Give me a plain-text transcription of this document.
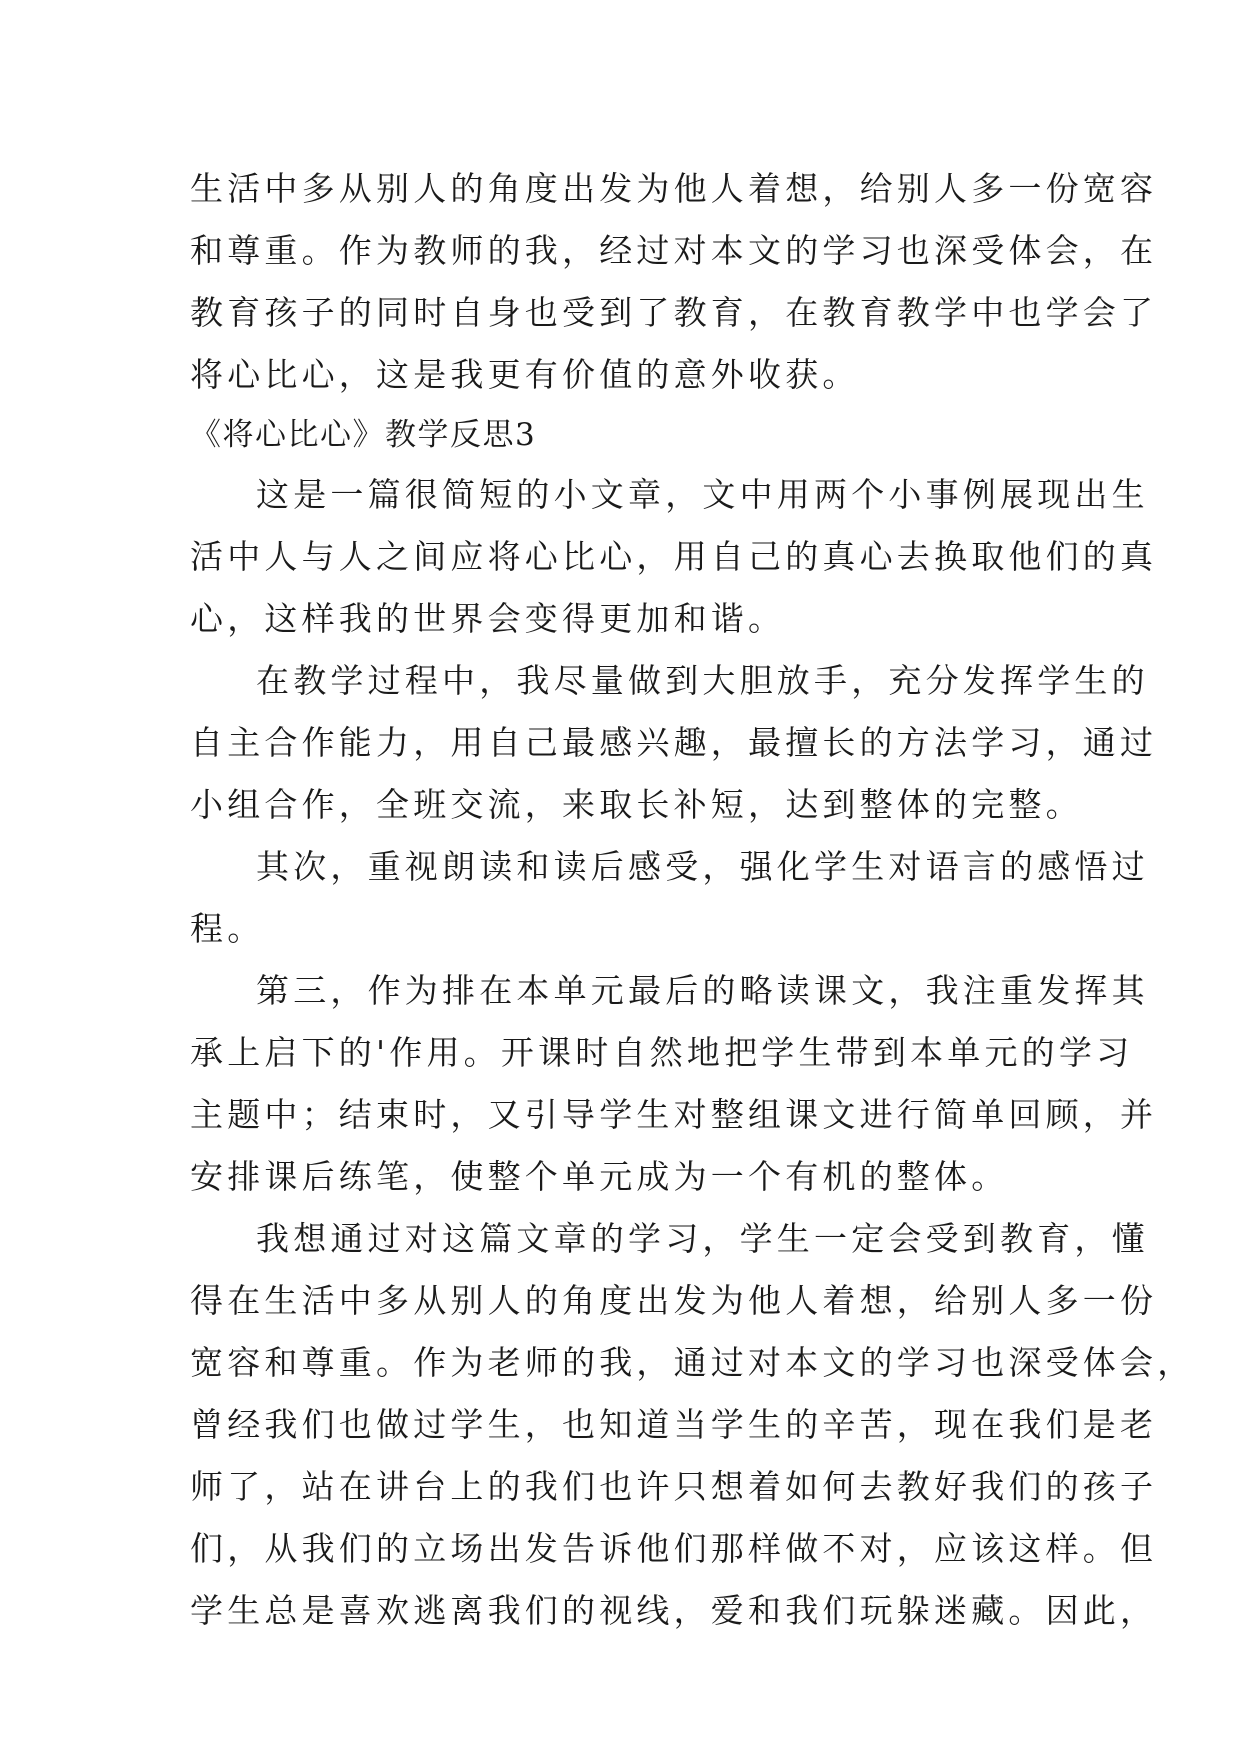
生活中多从别人的角度出发为他人着想，给别人多一份宽容
和尊重。作为教师的我，经过对本文的学习也深受体会，在
教育孩子的同时自身也受到了教育，在教育教学中也学会了
将心比心，这是我更有价值的意外收获。
《将心比心》教学反思3
这是一篇很简短的小文章，文中用两个小事例展现出生
活中人与人之间应将心比心，用自己的真心去换取他们的真
心，这样我的世界会变得更加和谐。
在教学过程中，我尽量做到大胆放手，充分发挥学生的
自主合作能力，用自己最感兴趣，最擅长的方法学习，通过
小组合作，全班交流，来取长补短，达到整体的完整。
其次，重视朗读和读后感受，强化学生对语言的感悟过
程。
第三，作为排在本单元最后的略读课文，我注重发挥其
承上启下的'作用。开课时自然地把学生带到本单元的学习
主题中；结束时，又引导学生对整组课文进行简单回顾，并
安排课后练笔，使整个单元成为一个有机的整体。
我想通过对这篇文章的学习，学生一定会受到教育，懂
得在生活中多从别人的角度出发为他人着想，给别人多一份
宽容和尊重。作为老师的我，通过对本文的学习也深受体会，
曾经我们也做过学生，也知道当学生的辛苦，现在我们是老
师了，站在讲台上的我们也许只想着如何去教好我们的孩子
们，从我们的立场出发告诉他们那样做不对，应该这样。但
学生总是喜欢逃离我们的视线，爱和我们玩躲迷藏。因此，
